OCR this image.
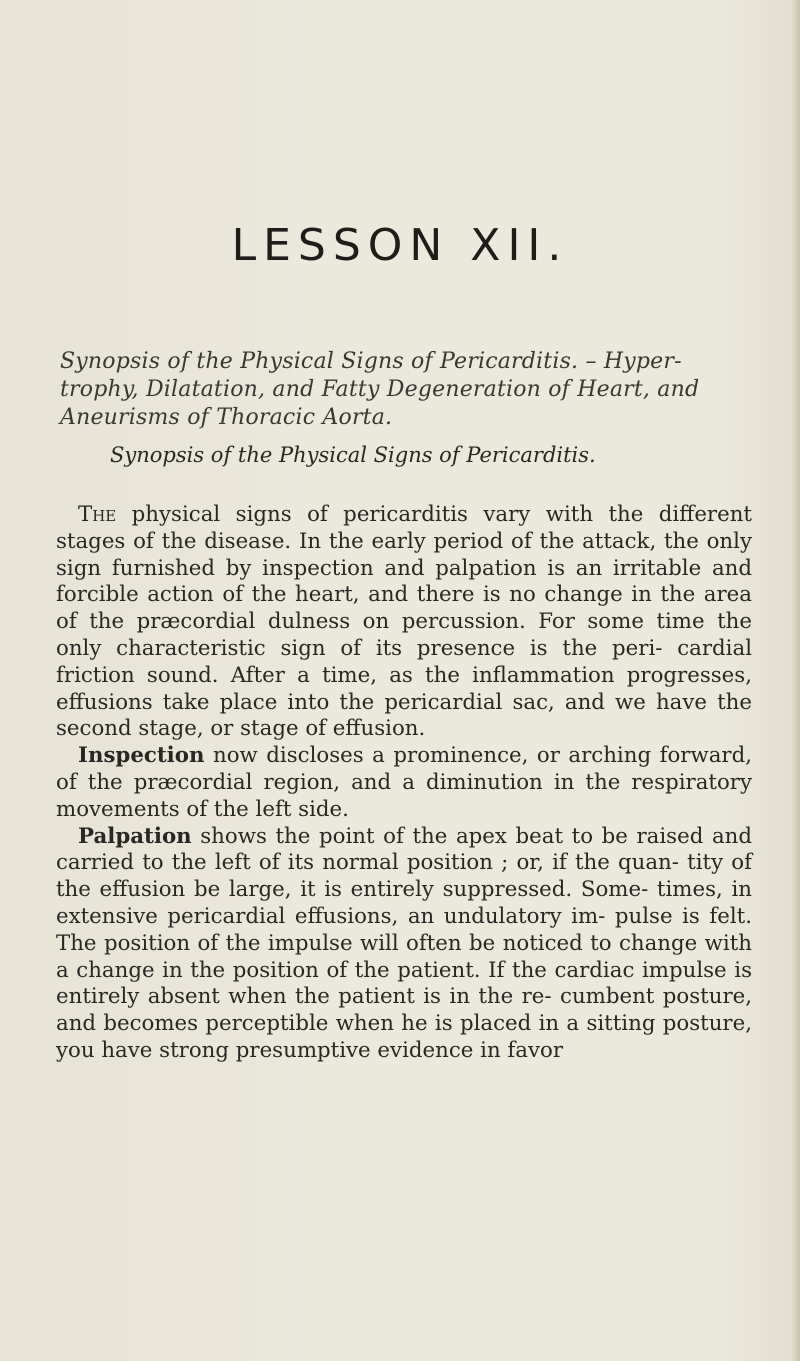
LESSON XII.
Synopsis of the Physical Signs of Pericarditis. – Hyper- trophy, Dilatation, and Fatty Degeneration of Heart, and Aneurisms of Thoracic Aorta.
Synopsis of the Physical Signs of Pericarditis.

The physical signs of pericarditis vary with the different stages of the disease. In the early period of the attack, the only sign furnished by inspection and palpation is an irritable and forcible action of the heart, and there is no change in the area of the præcordial dulness on percussion. For some time the only characteristic sign of its presence is the peri- cardial friction sound. After a time, as the inflammation progresses, effusions take place into the pericardial sac, and we have the second stage, or stage of effusion.

Inspection now discloses a prominence, or arching forward, of the præcordial region, and a diminution in the respiratory movements of the left side.

Palpation shows the point of the apex beat to be raised and carried to the left of its normal position ; or, if the quan- tity of the effusion be large, it is entirely suppressed. Some- times, in extensive pericardial effusions, an undulatory im- pulse is felt. The position of the impulse will often be noticed to change with a change in the position of the patient. If the cardiac impulse is entirely absent when the patient is in the re- cumbent posture, and becomes perceptible when he is placed in a sitting posture, you have strong presumptive evidence in favor
